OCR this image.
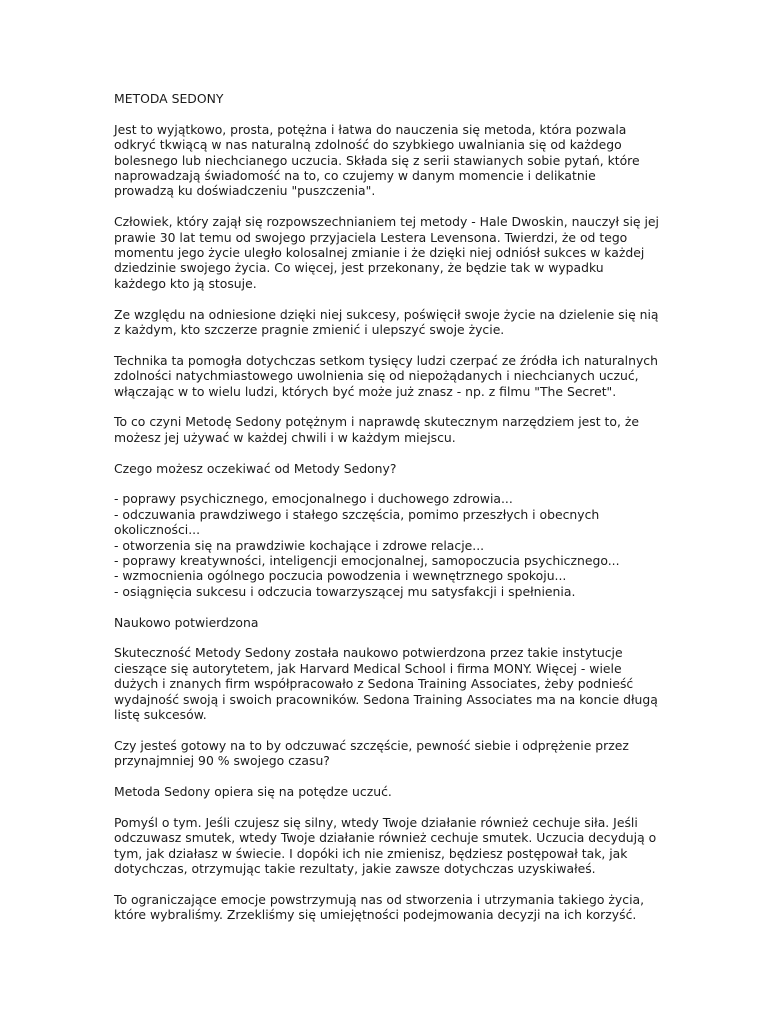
METODA SEDONY

Jest to wyjątkowo, prosta, potężna i łatwa do nauczenia się metoda, która pozwala odkryć tkwiącą w nas naturalną zdolność do szybkiego uwalniania się od każdego bolesnego lub niechcianego uczucia. Składa się z serii stawianych sobie pytań, które naprowadzają świadomość na to, co czujemy w danym momencie i delikatnie prowadzą ku doświadczeniu "puszczenia".

Człowiek, który zajął się rozpowszechnianiem tej metody - Hale Dwoskin, nauczył się jej prawie 30 lat temu od swojego przyjaciela Lestera Levensona. Twierdzi, że od tego momentu jego życie uległo kolosalnej zmianie i że dzięki niej odniósł sukces w każdej dziedzinie swojego życia. Co więcej, jest przekonany, że będzie tak w wypadku każdego kto ją stosuje.

Ze względu na odniesione dzięki niej sukcesy, poświęcił swoje życie na dzielenie się nią z każdym, kto szczerze pragnie zmienić i ulepszyć swoje życie.

Technika ta pomogła dotychczas setkom tysięcy ludzi czerpać ze źródła ich naturalnych zdolności natychmiastowego uwolnienia się od niepożądanych i niechcianych uczuć, włączając w to wielu ludzi, których być może już znasz - np. z filmu "The Secret".

To co czyni Metodę Sedony potężnym i naprawdę skutecznym narzędziem jest to, że możesz jej używać w każdej chwili i w każdym miejscu.

Czego możesz oczekiwać od Metody Sedony?

- poprawy psychicznego, emocjonalnego i duchowego zdrowia...
- odczuwania prawdziwego i stałego szczęścia, pomimo przeszłych i obecnych okoliczności...
- otworzenia się na prawdziwie kochające i zdrowe relacje...
- poprawy kreatywności, inteligencji emocjonalnej, samopoczucia psychicznego...
- wzmocnienia ogólnego poczucia powodzenia i wewnętrznego spokoju...
- osiągnięcia sukcesu i odczucia towarzyszącej mu satysfakcji i spełnienia.

Naukowo potwierdzona

Skuteczność Metody Sedony została naukowo potwierdzona przez takie instytucje cieszące się autorytetem, jak Harvard Medical School i firma MONY. Więcej - wiele dużych i znanych firm współpracowało z Sedona Training Associates, żeby podnieść wydajność swoją i swoich pracowników. Sedona Training Associates ma na koncie długą listę sukcesów.

Czy jesteś gotowy na to by odczuwać szczęście, pewność siebie i odprężenie przez przynajmniej 90 % swojego czasu?

Metoda Sedony opiera się na potędze uczuć.

Pomyśl o tym. Jeśli czujesz się silny, wtedy Twoje działanie również cechuje siła. Jeśli odczuwasz smutek, wtedy Twoje działanie również cechuje smutek. Uczucia decydują o tym, jak działasz w świecie. I dopóki ich nie zmienisz, będziesz postępował tak, jak dotychczas, otrzymując takie rezultaty, jakie zawsze dotychczas uzyskiwałeś.

To ograniczające emocje powstrzymują nas od stworzenia i utrzymania takiego życia, które wybraliśmy. Zrzekliśmy się umiejętności podejmowania decyzji na ich korzyść.
